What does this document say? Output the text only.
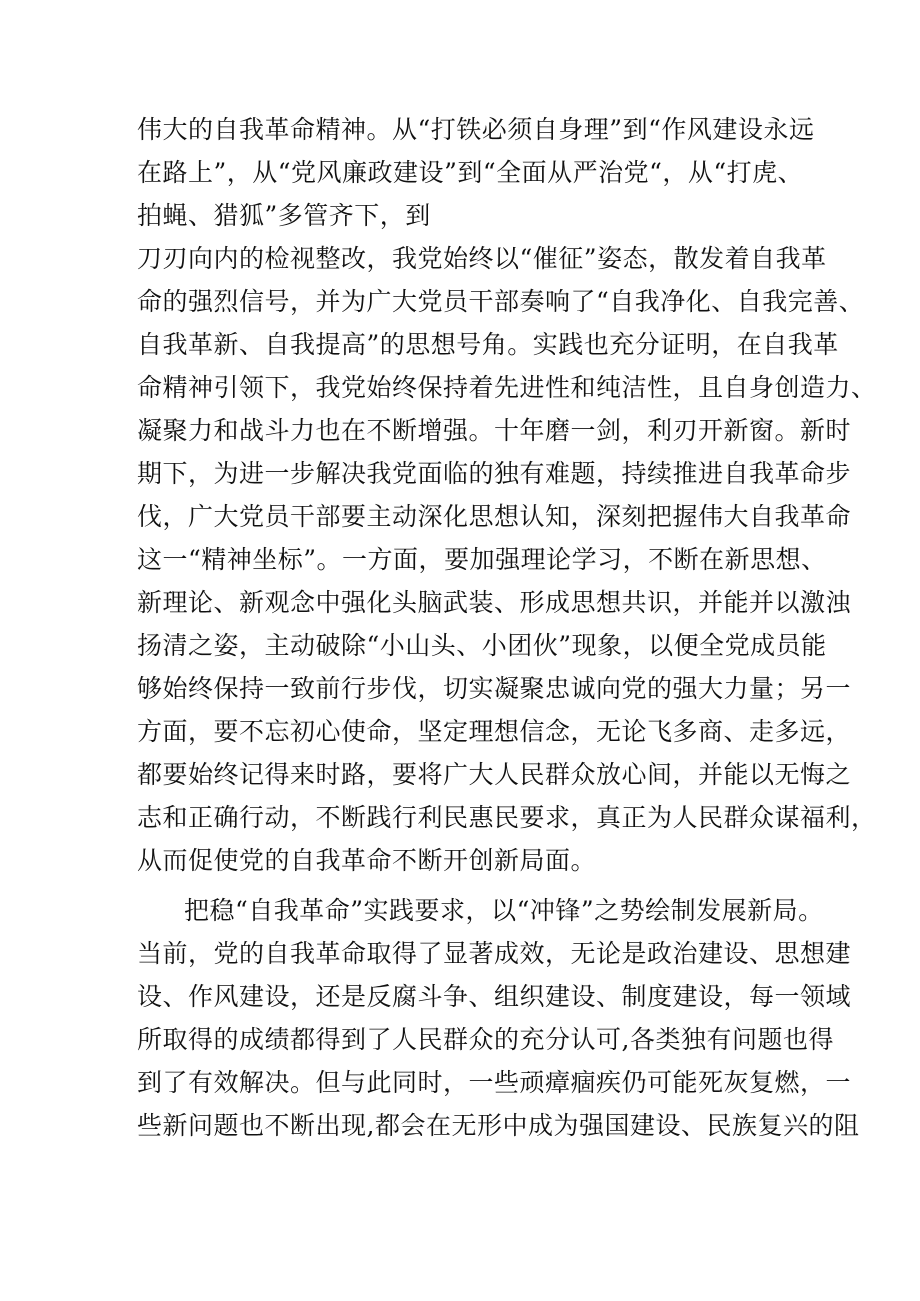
伟大的自我革命精神。从“打铁必须自身理”到“作风建设永远
在路上”，从“党风廉政建设”到“全面从严治党“，从“打虎、
拍蝇、猎狐”多管齐下，到
刀刃向内的检视整改，我党始终以“催征”姿态，散发着自我革
命的强烈信号，并为广大党员干部奏响了“自我净化、自我完善、
自我革新、自我提高”的思想号角。实践也充分证明，在自我革
命精神引领下，我党始终保持着先进性和纯洁性，且自身创造力、
凝聚力和战斗力也在不断增强。十年磨一剑，利刃开新窗。新时
期下，为进一步解决我党面临的独有难题，持续推进自我革命步
伐，广大党员干部要主动深化思想认知，深刻把握伟大自我革命
这一“精神坐标”。一方面，要加强理论学习，不断在新思想、
新理论、新观念中强化头脑武装、形成思想共识，并能并以激浊
扬清之姿，主动破除“小山头、小团伙”现象，以便全党成员能
够始终保持一致前行步伐，切实凝聚忠诚向党的强大力量；另一
方面，要不忘初心使命，坚定理想信念，无论飞多商、走多远，
都要始终记得来时路，要将广大人民群众放心间，并能以无悔之
志和正确行动，不断践行利民惠民要求，真正为人民群众谋福利，
从而促使党的自我革命不断开创新局面。
把稳“自我革命”实践要求，以“冲锋”之势绘制发展新局。
当前，党的自我革命取得了显著成效，无论是政治建设、思想建
设、作风建设，还是反腐斗争、组织建设、制度建设，每一领域
所取得的成绩都得到了人民群众的充分认可,各类独有问题也得
到了有效解决。但与此同时，一些顽瘴痼疾仍可能死灰复燃，一
些新问题也不断出现,都会在无形中成为强国建设、民族复兴的阻
